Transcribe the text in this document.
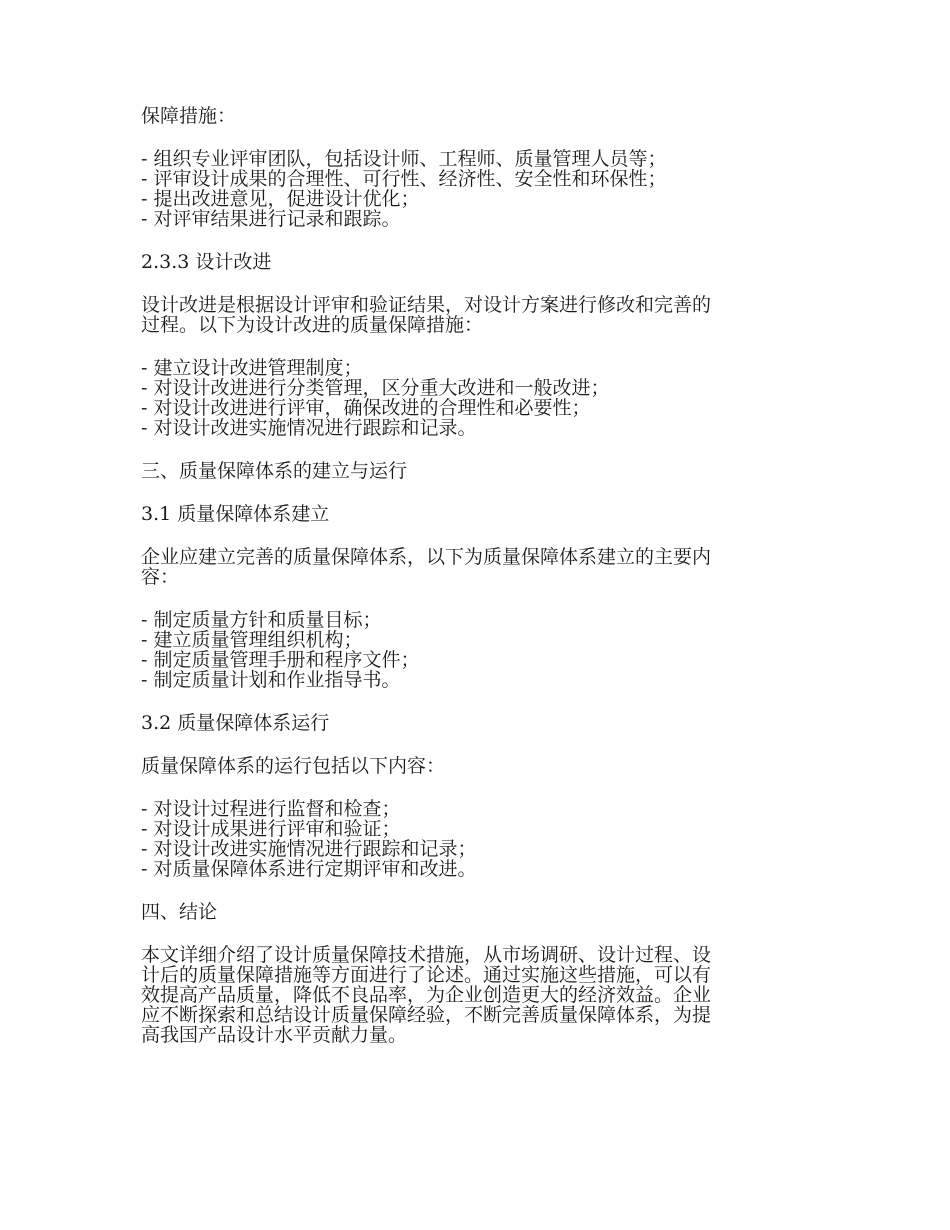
保障措施：
- 组织专业评审团队，包括设计师、工程师、质量管理人员等；
- 评审设计成果的合理性、可行性、经济性、安全性和环保性；
- 提出改进意见，促进设计优化；
- 对评审结果进行记录和跟踪。
2.3.3 设计改进
设计改进是根据设计评审和验证结果，对设计方案进行修改和完善的
过程。以下为设计改进的质量保障措施：
- 建立设计改进管理制度；
- 对设计改进进行分类管理，区分重大改进和一般改进；
- 对设计改进进行评审，确保改进的合理性和必要性；
- 对设计改进实施情况进行跟踪和记录。
三、质量保障体系的建立与运行
3.1 质量保障体系建立
企业应建立完善的质量保障体系，以下为质量保障体系建立的主要内
容：
- 制定质量方针和质量目标；
- 建立质量管理组织机构；
- 制定质量管理手册和程序文件；
- 制定质量计划和作业指导书。
3.2 质量保障体系运行
质量保障体系的运行包括以下内容：
- 对设计过程进行监督和检查；
- 对设计成果进行评审和验证；
- 对设计改进实施情况进行跟踪和记录；
- 对质量保障体系进行定期评审和改进。
四、结论
本文详细介绍了设计质量保障技术措施，从市场调研、设计过程、设
计后的质量保障措施等方面进行了论述。通过实施这些措施，可以有
效提高产品质量，降低不良品率，为企业创造更大的经济效益。企业
应不断探索和总结设计质量保障经验，不断完善质量保障体系，为提
高我国产品设计水平贡献力量。
